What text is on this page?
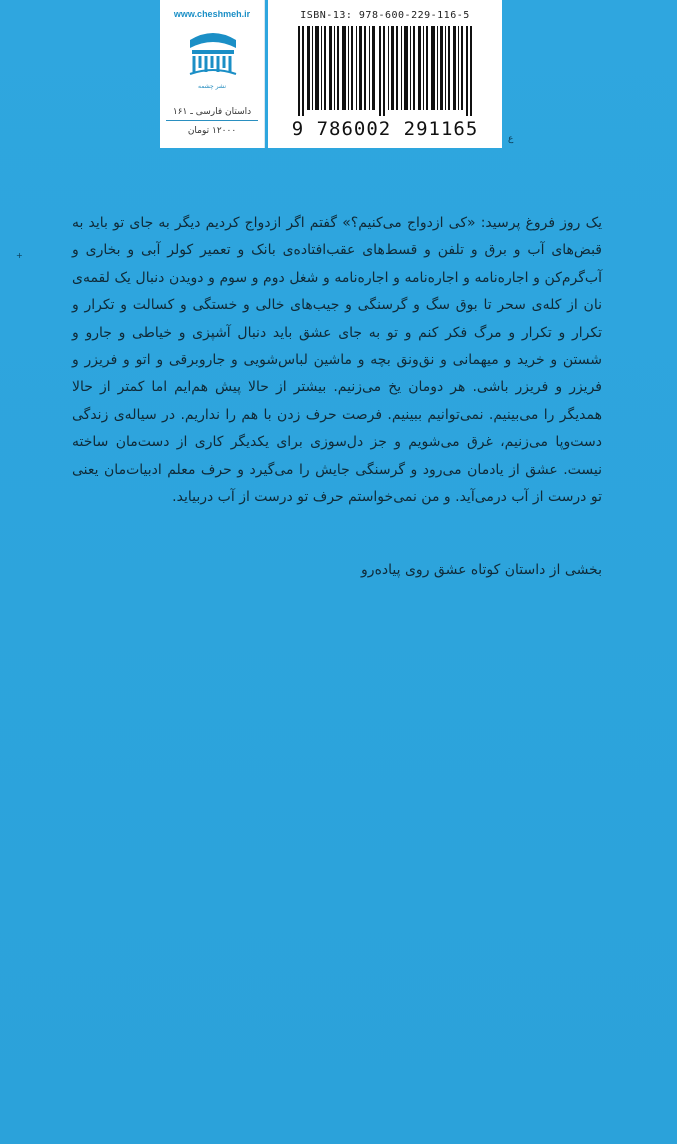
www.cheshmeh.ir
نشر چشمه
داستان فارسی ـ ۱۶۱
۱۲۰۰۰ تومان
ISBN-13: 978-600-229-116-5
9 786002 291165	ﻉ
+
یک روز فروغ پرسید: «کی ازدواج می‌کنیم؟» گفتم اگر ازدواج کردیم دیگر به جای تو باید به قبض‌های آب و برق و تلفن و قسط‌های عقب‌افتاده‌ی بانک و تعمیر کولر آبی و بخاری و آب‌گرم‌کن و اجاره‌نامه و اجاره‌نامه و اجاره‌نامه و شغل دوم و سوم و دویدن دنبال یک لقمه‌ی نان از کله‌ی سحر تا بوق سگ و گرسنگی و جیب‌های خالی و خستگی و کسالت و تکرار و تکرار و تکرار و مرگ فکر کنم و تو به جای عشق باید دنبال آشپزی و خیاطی و جارو و شستن و خرید و میهمانی و نق‌ونق بچه و ماشین لباس‌شویی و جاروبرقی و اتو و فریزر و فریزر و فریزر باشی. هر دومان یخ می‌زنیم. بیشتر از حالا پیش هم‌ایم اما کمتر از حالا همدیگر را می‌بینیم. نمی‌توانیم ببینیم. فرصت حرف زدن با هم را نداریم. در سیاله‌ی زندگی دست‌وپا می‌زنیم، غرق می‌شویم و جز دل‌سوزی برای یکدیگر کاری از دست‌مان ساخته نیست. عشق از یادمان می‌رود و گرسنگی جایش را می‌گیرد و حرف معلم ادبیات‌مان یعنی تو درست از آب درمی‌آید. و من نمی‌خواستم حرف تو درست از آب دربیاید.
بخشی از داستان کوتاه عشق روی پیاده‌رو
